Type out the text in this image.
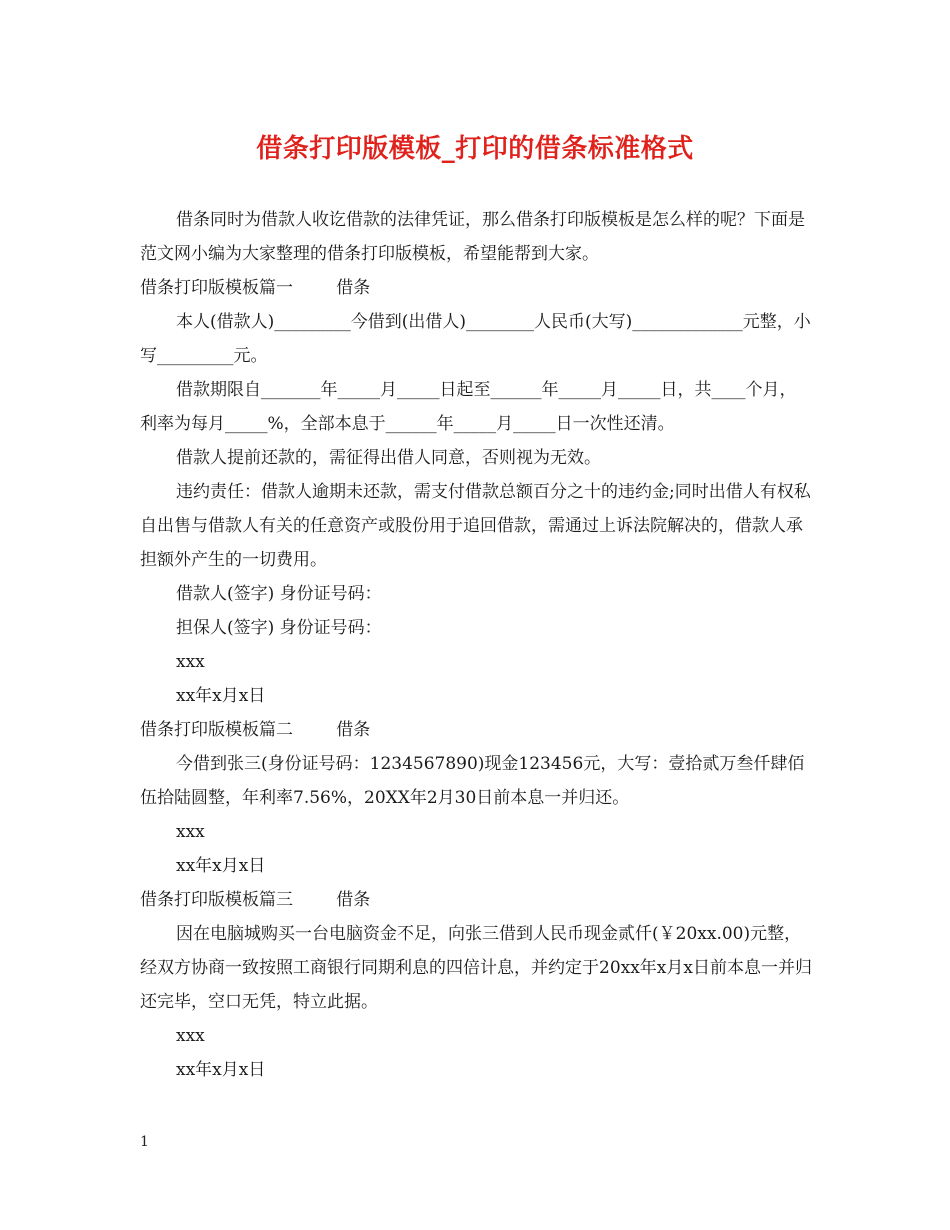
借条打印版模板_打印的借条标准格式

借条同时为借款人收讫借款的法律凭证，那么借条打印版模板是怎么样的呢？下面是范文网小编为大家整理的借条打印版模板，希望能帮到大家。

借条打印版模板篇一        借条

本人(借款人)_________今借到(出借人)________人民币(大写)_____________元整，小写_________元。

借款期限自_______年_____月_____日起至______年_____月_____日，共____个月，利率为每月_____%，全部本息于______年_____月_____日一次性还清。

借款人提前还款的，需征得出借人同意，否则视为无效。

违约责任：借款人逾期未还款，需支付借款总额百分之十的违约金;同时出借人有权私自出售与借款人有关的任意资产或股份用于追回借款，需通过上诉法院解决的，借款人承担额外产生的一切费用。

借款人(签字) 身份证号码：

担保人(签字) 身份证号码：

xxx

xx年x月x日

借条打印版模板篇二        借条

今借到张三(身份证号码：1234567890)现金123456元，大写：壹拾贰万叁仟肆佰伍拾陆圆整，年利率7.56%，20XX年2月30日前本息一并归还。

xxx

xx年x月x日

借条打印版模板篇三        借条

因在电脑城购买一台电脑资金不足，向张三借到人民币现金贰仟(￥20xx.00)元整，经双方协商一致按照工商银行同期利息的四倍计息，并约定于20xx年x月x日前本息一并归还完毕，空口无凭，特立此据。

xxx

xx年x月x日

1
